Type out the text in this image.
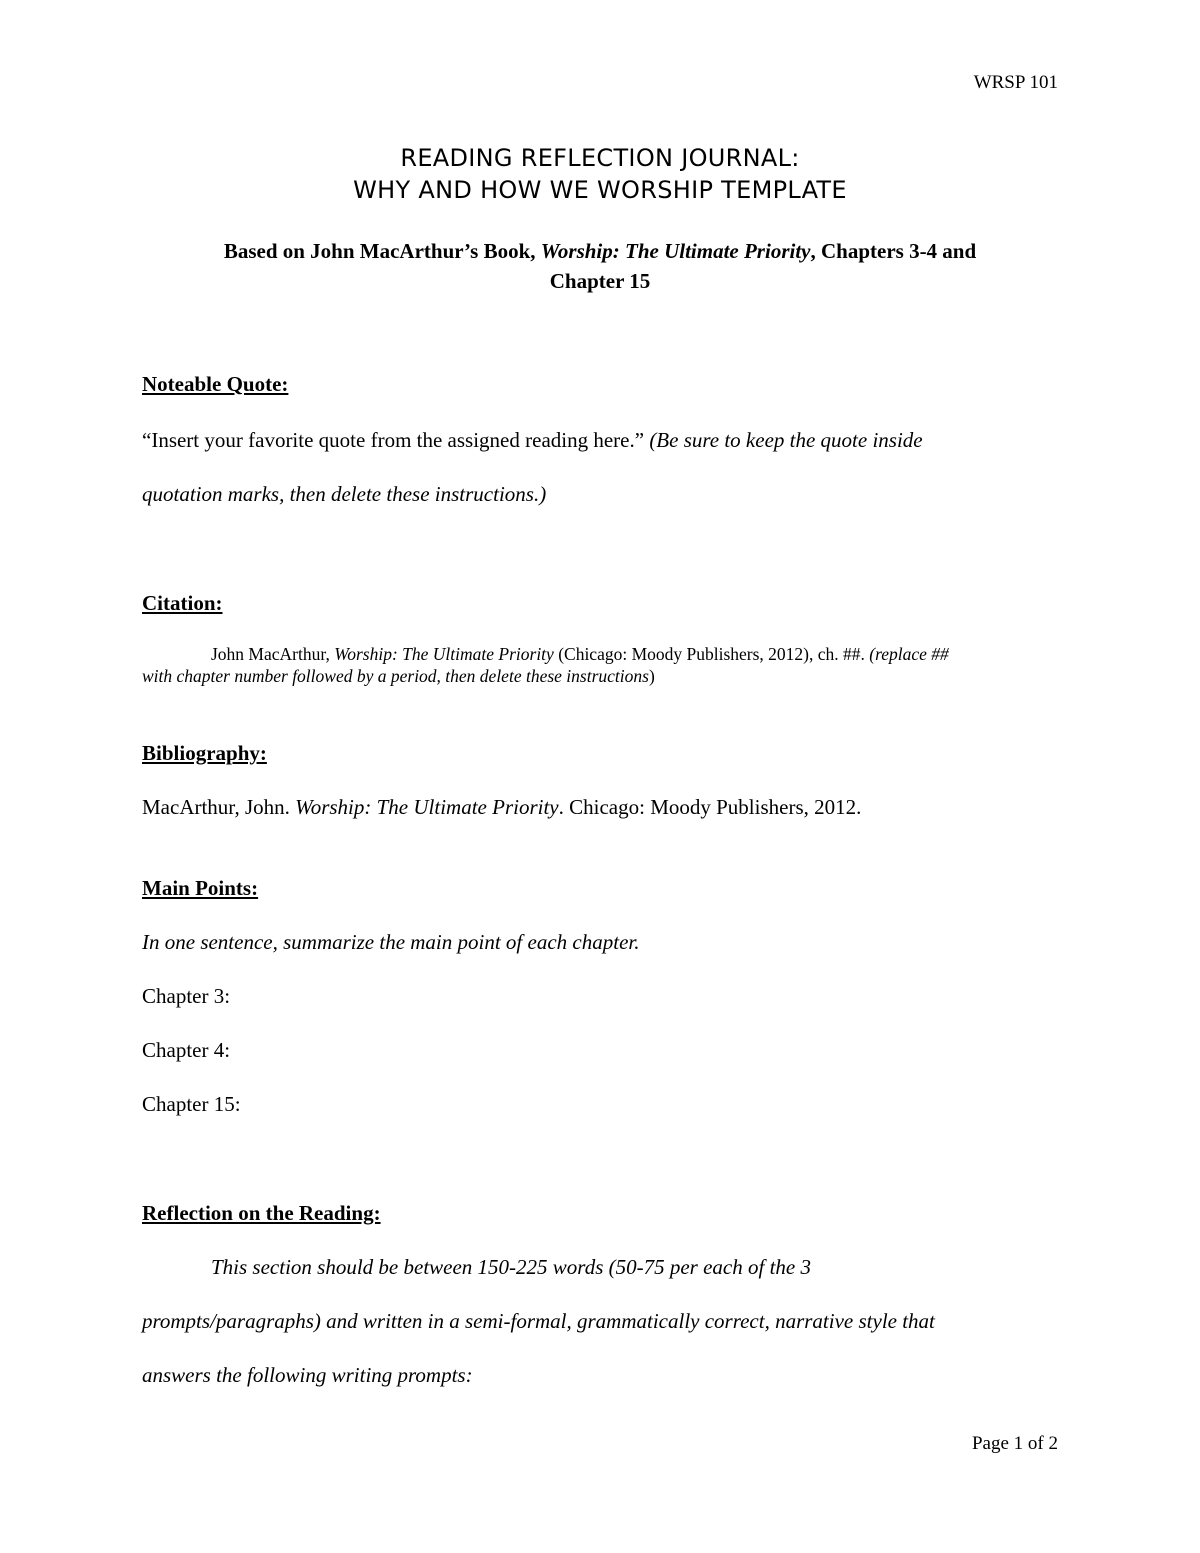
WRSP 101
READING REFLECTION JOURNAL:
WHY AND HOW WE WORSHIP TEMPLATE
Based on John MacArthur’s Book, Worship: The Ultimate Priority, Chapters 3-4 and
Chapter 15
Noteable Quote:
“Insert your favorite quote from the assigned reading here.” (Be sure to keep the quote inside
quotation marks, then delete these instructions.)
Citation:
John MacArthur, Worship: The Ultimate Priority (Chicago: Moody Publishers, 2012), ch. ##. (replace ##
with chapter number followed by a period, then delete these instructions)
Bibliography:
MacArthur, John. Worship: The Ultimate Priority. Chicago: Moody Publishers, 2012.
Main Points:
In one sentence, summarize the main point of each chapter.
Chapter 3:
Chapter 4:
Chapter 15:
Reflection on the Reading:
This section should be between 150-225 words (50-75 per each of the 3
prompts/paragraphs) and written in a semi-formal, grammatically correct, narrative style that
answers the following writing prompts:
Page 1 of 2
